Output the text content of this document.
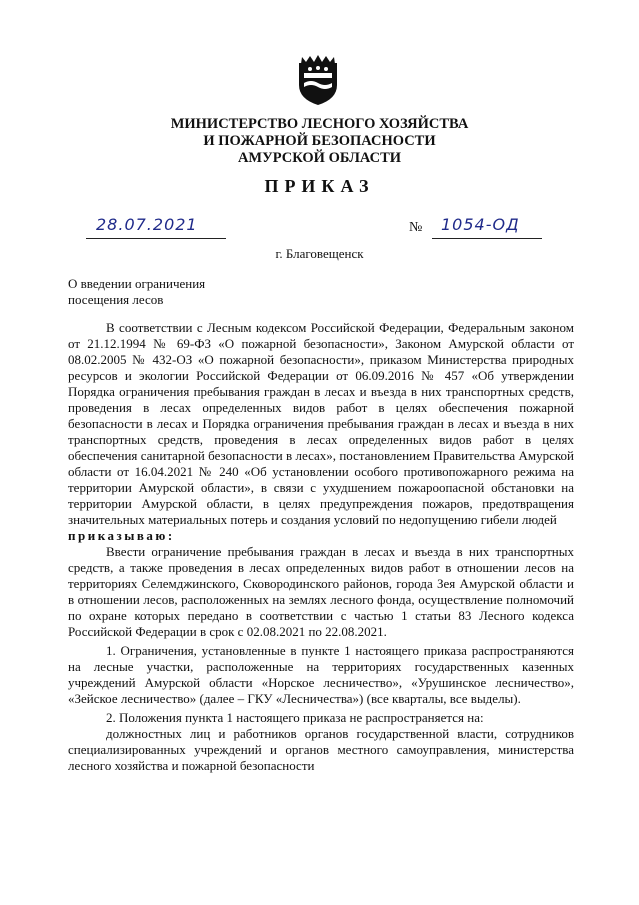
МИНИСТЕРСТВО ЛЕСНОГО ХОЗЯЙСТВА
И ПОЖАРНОЙ БЕЗОПАСНОСТИ
АМУРСКОЙ ОБЛАСТИ
ПРИКАЗ
28.07.2021	№ 1054-ОД
г. Благовещенск
О введении ограничения
посещения лесов

В соответствии с Лесным кодексом Российской Федерации, Федеральным законом от 21.12.1994 № 69-ФЗ «О пожарной безопасности», Законом Амурской области от 08.02.2005 № 432-ОЗ «О пожарной безопасности», приказом Министерства природных ресурсов и экологии Российской Федерации от 06.09.2016 № 457 «Об утверждении Порядка ограничения пребывания граждан в лесах и въезда в них транспортных средств, проведения в лесах определенных видов работ в целях обеспечения пожарной безопасности в лесах и Порядка ограничения пребывания граждан в лесах и въезда в них транспортных средств, проведения в лесах определенных видов работ в целях обеспечения санитарной безопасности в лесах», постановлением Правительства Амурской области от 16.04.2021 № 240 «Об установлении особого противопожарного режима на территории Амурской области», в связи с ухудшением пожароопасной обстановки на территории Амурской области, в целях предупреждения пожаров, предотвращения значительных материальных потерь и создания условий по недопущению гибели людей

приказываю:

Ввести ограничение пребывания граждан в лесах и въезда в них транспортных средств, а также проведения в лесах определенных видов работ в отношении лесов на территориях Селемджинского, Сковородинского районов, города Зея Амурской области и в отношении лесов, расположенных на землях лесного фонда, осуществление полномочий по охране которых передано в соответствии с частью 1 статьи 83 Лесного кодекса Российской Федерации в срок с 02.08.2021 по 22.08.2021.

1. Ограничения, установленные в пункте 1 настоящего приказа распространяются на лесные участки, расположенные на территориях государственных казенных учреждений Амурской области «Норское лесничество», «Урушинское лесничество», «Зейское лесничество» (далее – ГКУ «Лесничества») (все кварталы, все выделы).

2. Положения пункта 1 настоящего приказа не распространяется на:

должностных лиц и работников органов государственной власти, сотрудников специализированных учреждений и органов местного самоуправления, министерства лесного хозяйства и пожарной безопасности
